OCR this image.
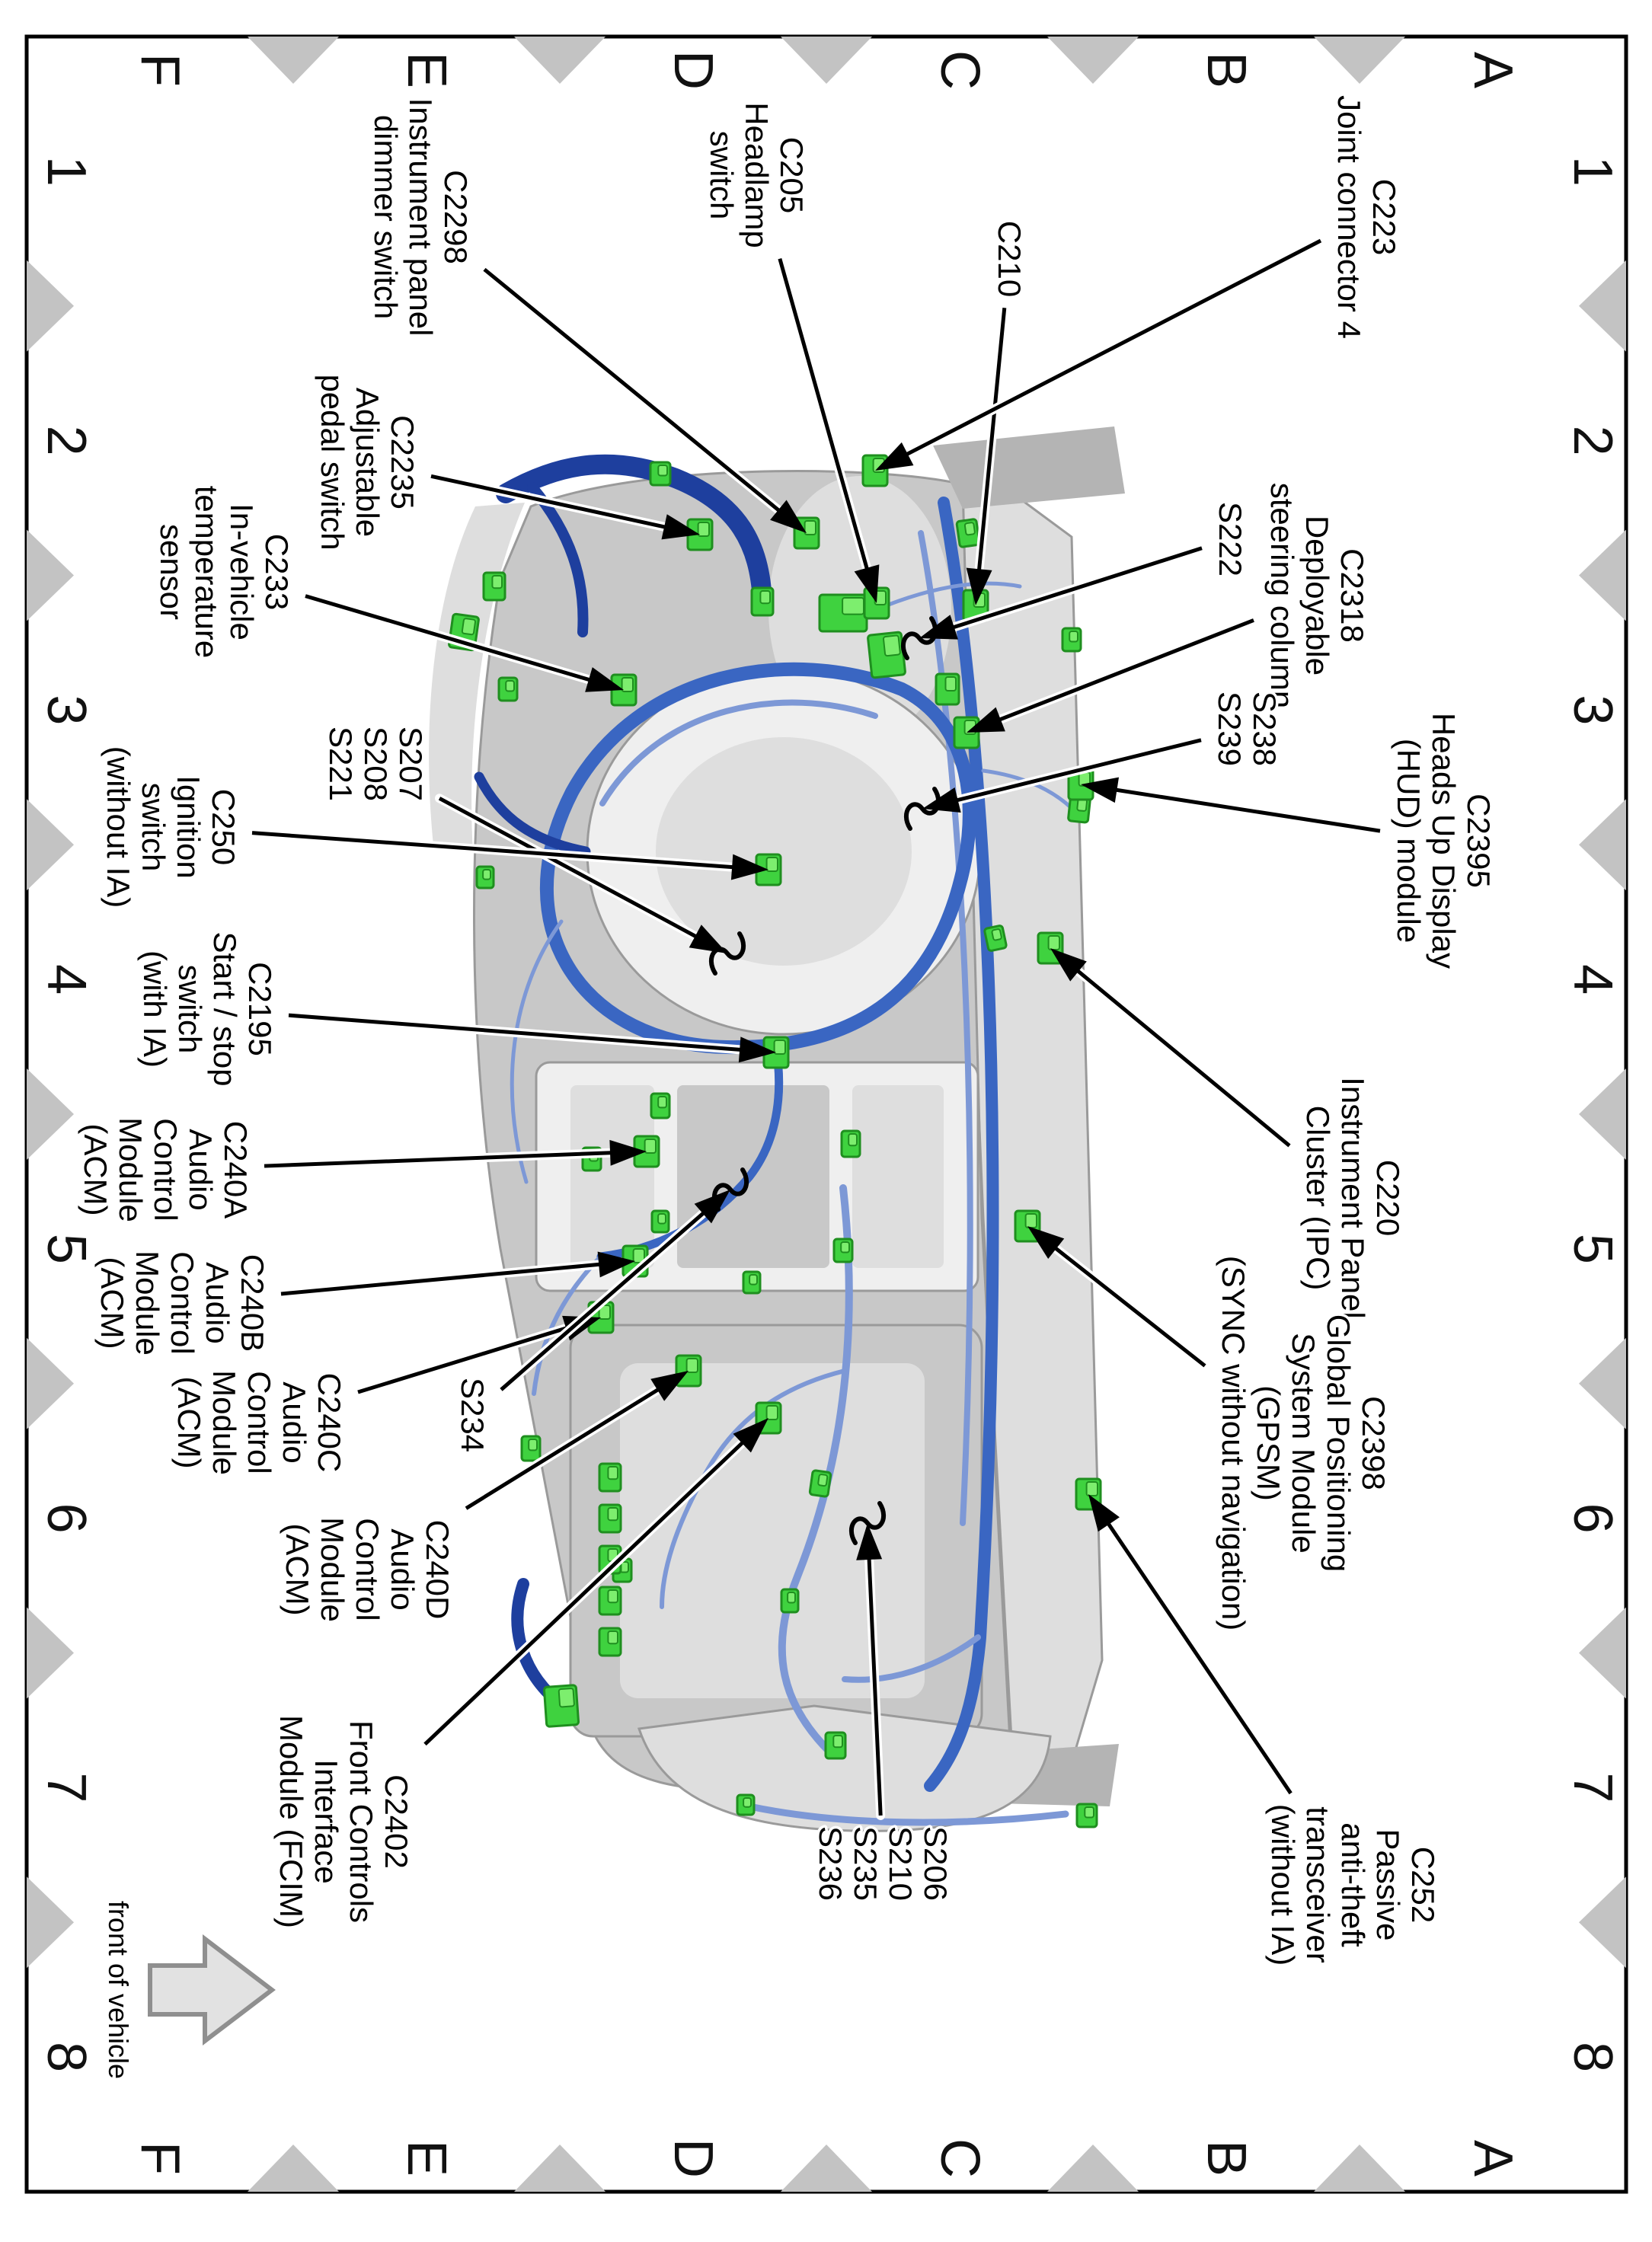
1
1
2
2
3
3
4
4
5
5
6
6
7
7
8
8
A
A
B
B
C
C
D
D
E
E
F
F
C205Headlampswitch
C2298Instrument paneldimmer switch	C210
C223Joint connector 4
S222
C2318Deployablesteering column
S238S239
C2395Heads Up Display(HUD) module
C220Instrument PanelCluster (IPC)
C2398Global PositioningSystem Module(GPSM)(SYNC without navigation)
C252Passiveanti-thefttransceiver(without IA)
C2235Adjustablepedal switch
C233In-vehicletemperaturesensor
S207S208S221
C250Ignitionswitch(without IA)
C2195Start / stopswitch(with IA)
C240AAudioControlModule(ACM)
C240BAudioControlModule(ACM)
C240CAudioControlModule(ACM)	S234
C240DAudioControlModule(ACM)
C2402Front ControlsInterfaceModule (FCIM)	S206S210S235S236
front of vehicle
